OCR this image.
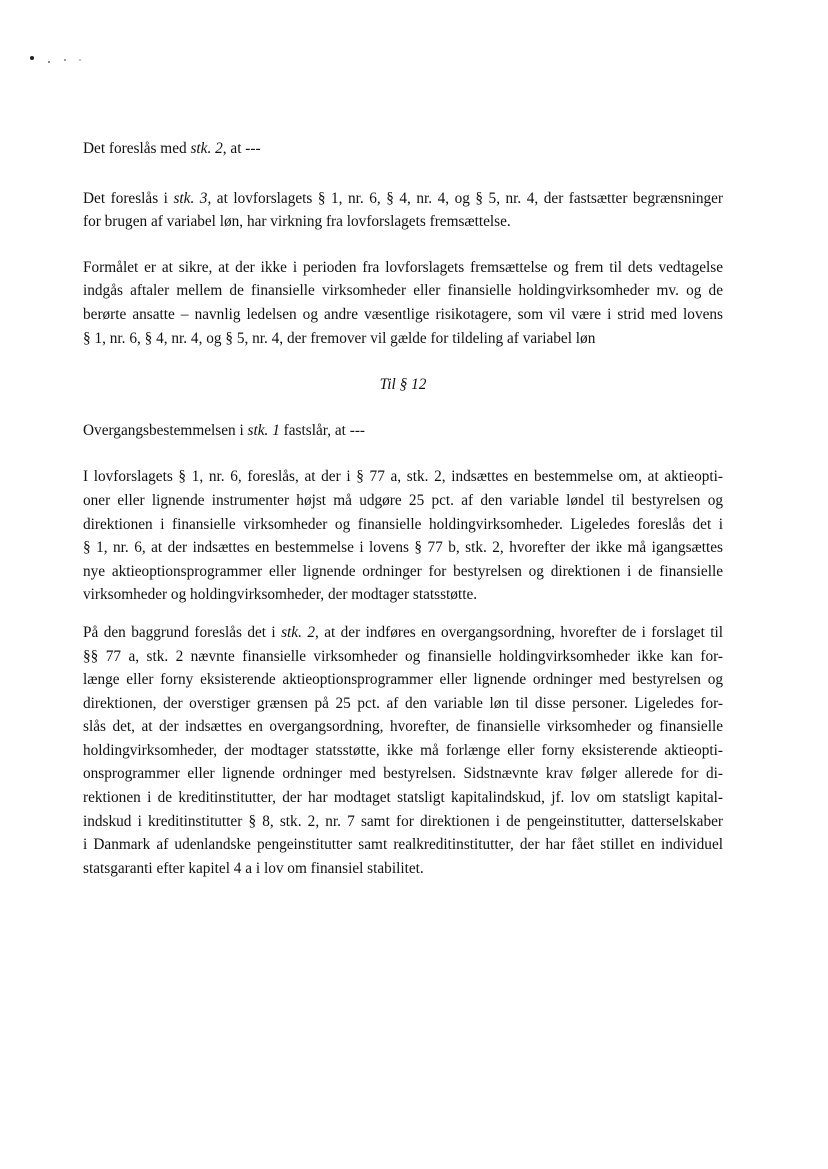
Det foreslås med stk. 2, at ---

Det foreslås i stk. 3, at lovforslagets § 1, nr. 6, § 4, nr. 4, og § 5, nr. 4, der fastsætter begrænsninger
for brugen af variabel løn, har virkning fra lovforslagets fremsættelse.

Formålet er at sikre, at der ikke i perioden fra lovforslagets fremsættelse og frem til dets vedtagelse
indgås aftaler mellem de finansielle virksomheder eller finansielle holdingvirksomheder mv. og de
berørte ansatte – navnlig ledelsen og andre væsentlige risikotagere, som vil være i strid med lovens
§ 1, nr. 6, § 4, nr. 4, og § 5, nr. 4, der fremover vil gælde for tildeling af variabel løn

Til § 12

Overgangsbestemmelsen i stk. 1 fastslår, at ---

I lovforslagets § 1, nr. 6, foreslås, at der i § 77 a, stk. 2, indsættes en bestemmelse om, at aktieopti-
oner eller lignende instrumenter højst må udgøre 25 pct. af den variable løndel til bestyrelsen og
direktionen i finansielle virksomheder og finansielle holdingvirksomheder. Ligeledes foreslås det i
§ 1, nr. 6, at der indsættes en bestemmelse i lovens § 77 b, stk. 2, hvorefter der ikke må igangsættes
nye aktieoptionsprogrammer eller lignende ordninger for bestyrelsen og direktionen i de finansielle
virksomheder og holdingvirksomheder, der modtager statsstøtte.

På den baggrund foreslås det i stk. 2, at der indføres en overgangsordning, hvorefter de i forslaget til
§§ 77 a, stk. 2 nævnte finansielle virksomheder og finansielle holdingvirksomheder ikke kan for-
længe eller forny eksisterende aktieoptionsprogrammer eller lignende ordninger med bestyrelsen og
direktionen, der overstiger grænsen på 25 pct. af den variable løn til disse personer. Ligeledes for-
slås det, at der indsættes en overgangsordning, hvorefter, de finansielle virksomheder og finansielle
holdingvirksomheder, der modtager statsstøtte, ikke må forlænge eller forny eksisterende aktieopti-
onsprogrammer eller lignende ordninger med bestyrelsen. Sidstnævnte krav følger allerede for di-
rektionen i de kreditinstitutter, der har modtaget statsligt kapitalindskud, jf. lov om statsligt kapital-
indskud i kreditinstitutter § 8, stk. 2, nr. 7 samt for direktionen i de pengeinstitutter, datterselskaber
i Danmark af udenlandske pengeinstitutter samt realkreditinstitutter, der har fået stillet en individuel
statsgaranti efter kapitel 4 a i lov om finansiel stabilitet.
